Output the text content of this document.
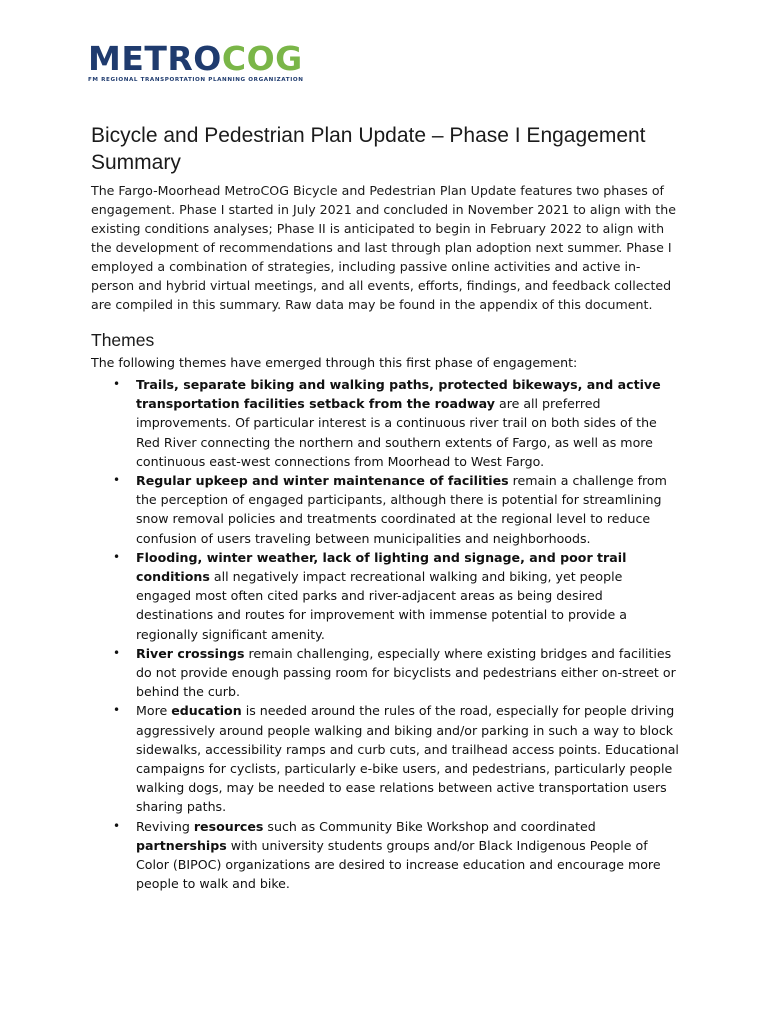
METROCOG
FM REGIONAL TRANSPORTATION PLANNING ORGANIZATION
Bicycle and Pedestrian Plan Update – Phase I Engagement Summary

The Fargo-Moorhead MetroCOG Bicycle and Pedestrian Plan Update features two phases of engagement. Phase I started in July 2021 and concluded in November 2021 to align with the existing conditions analyses; Phase II is anticipated to begin in February 2022 to align with the development of recommendations and last through plan adoption next summer. Phase I employed a combination of strategies, including passive online activities and active in-person and hybrid virtual meetings, and all events, efforts, findings, and feedback collected are compiled in this summary. Raw data may be found in the appendix of this document.

Themes

The following themes have emerged through this first phase of engagement:

• Trails, separate biking and walking paths, protected bikeways, and active transportation facilities setback from the roadway are all preferred improvements. Of particular interest is a continuous river trail on both sides of the Red River connecting the northern and southern extents of Fargo, as well as more continuous east-west connections from Moorhead to West Fargo.
• Regular upkeep and winter maintenance of facilities remain a challenge from the perception of engaged participants, although there is potential for streamlining snow removal policies and treatments coordinated at the regional level to reduce confusion of users traveling between municipalities and neighborhoods.
• Flooding, winter weather, lack of lighting and signage, and poor trail conditions all negatively impact recreational walking and biking, yet people engaged most often cited parks and river-adjacent areas as being desired destinations and routes for improvement with immense potential to provide a regionally significant amenity.
• River crossings remain challenging, especially where existing bridges and facilities do not provide enough passing room for bicyclists and pedestrians either on-street or behind the curb.
• More education is needed around the rules of the road, especially for people driving aggressively around people walking and biking and/or parking in such a way to block sidewalks, accessibility ramps and curb cuts, and trailhead access points. Educational campaigns for cyclists, particularly e-bike users, and pedestrians, particularly people walking dogs, may be needed to ease relations between active transportation users sharing paths.
• Reviving resources such as Community Bike Workshop and coordinated partnerships with university students groups and/or Black Indigenous People of Color (BIPOC) organizations are desired to increase education and encourage more people to walk and bike.
